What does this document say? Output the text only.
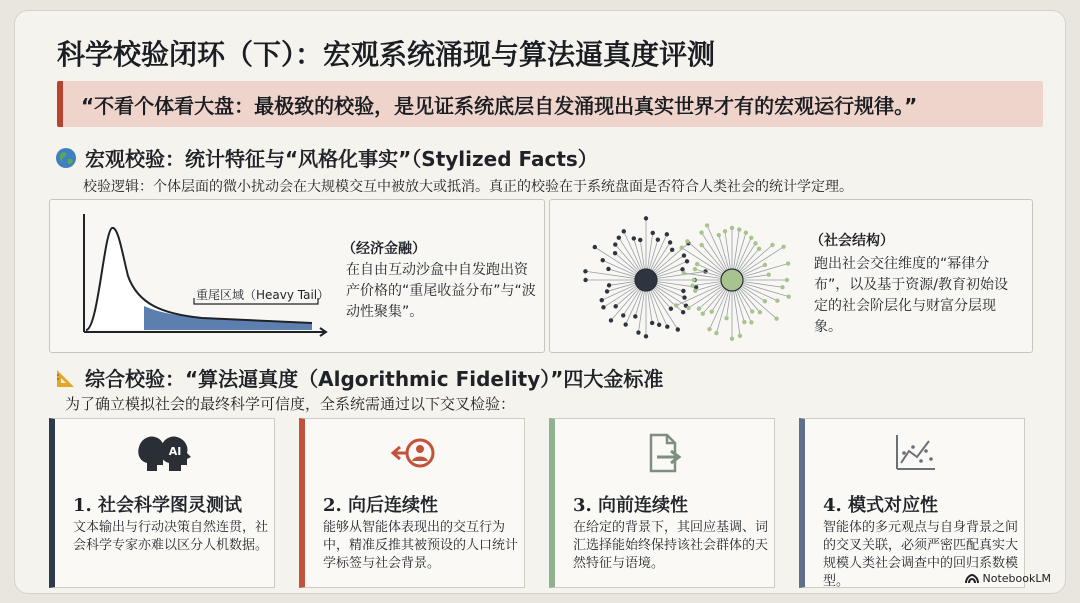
科学校验闭环（下）：宏观系统涌现与算法逼真度评测
“不看个体看大盘：最极致的校验，是见证系统底层自发涌现出真实世界才有的宏观运行规律。”
宏观校验：统计特征与“风格化事实”（Stylized Facts）
校验逻辑：个体层面的微小扰动会在大规模交互中被放大或抵消。真正的校验在于系统盘面是否符合人类社会的统计学定理。
重尾区域（Heavy Tail）
（经济金融）
在自由互动沙盒中自发跑出资产价格的“重尾收益分布”与“波动性聚集”。
（社会结构）
跑出社会交往维度的“幂律分布”，以及基于资源/教育初始设定的社会阶层化与财富分层现象。
综合校验：“算法逼真度（Algorithmic Fidelity）”四大金标准
为了确立模拟社会的最终科学可信度，全系统需通过以下交叉检验：
AI
1. 社会科学图灵测试
文本输出与行动决策自然连贯，社会科学专家亦难以区分人机数据。
2. 向后连续性
能够从智能体表现出的交互行为中，精准反推其被预设的人口统计学标签与社会背景。
3. 向前连续性
在给定的背景下，其回应基调、词汇选择能始终保持该社会群体的天然特征与语境。
4. 模式对应性
智能体的多元观点与自身背景之间的交叉关联，必须严密匹配真实大规模人类社会调查中的回归系数模型。	NotebookLM
